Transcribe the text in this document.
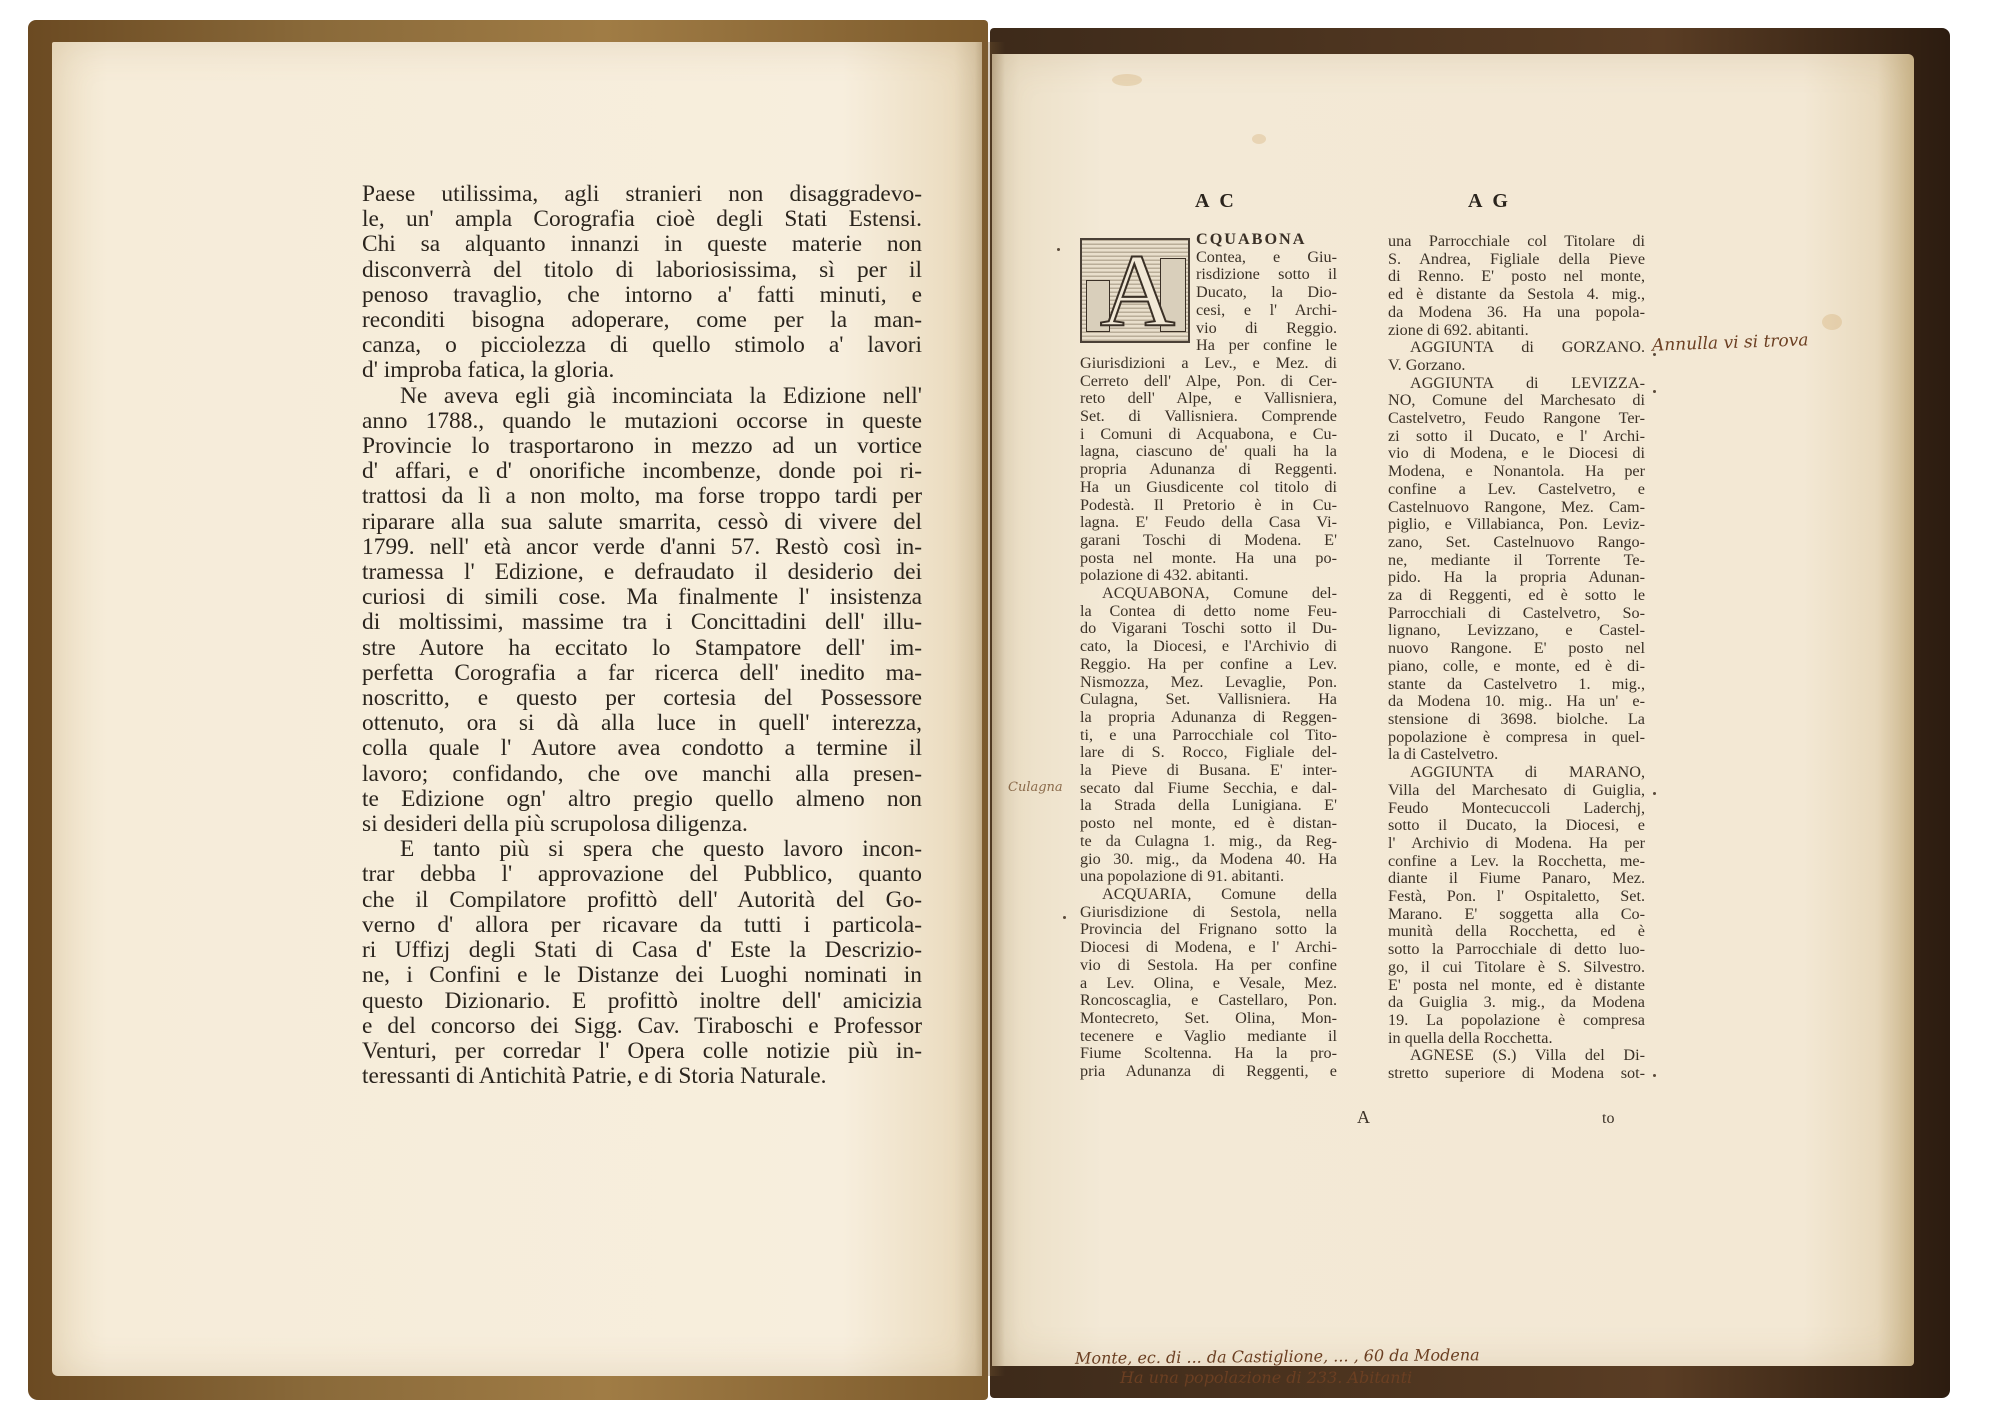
Paese utilissima, agli stranieri non disaggradevo-
le, un' ampla Corografia cioè degli Stati Estensi.
Chi sa alquanto innanzi in queste materie non
disconverrà del titolo di laboriosissima, sì per il
penoso travaglio, che intorno a' fatti minuti, e
reconditi bisogna adoperare, come per la man-
canza, o picciolezza di quello stimolo a' lavori
d' improba fatica, la gloria.
Ne aveva egli già incominciata la Edizione nell'
anno 1788., quando le mutazioni occorse in queste
Provincie lo trasportarono in mezzo ad un vortice
d' affari, e d' onorifiche incombenze, donde poi ri-
trattosi da lì a non molto, ma forse troppo tardi per
riparare alla sua salute smarrita, cessò di vivere del
1799. nell' età ancor verde d'anni 57. Restò così in-
tramessa l' Edizione, e defraudato il desiderio dei
curiosi di simili cose. Ma finalmente l' insistenza
di moltissimi, massime tra i Concittadini dell' illu-
stre Autore ha eccitato lo Stampatore dell' im-
perfetta Corografia a far ricerca dell' inedito ma-
noscritto, e questo per cortesia del Possessore
ottenuto, ora si dà alla luce in quell' interezza,
colla quale l' Autore avea condotto a termine il
lavoro; confidando, che ove manchi alla presen-
te Edizione ogn' altro pregio quello almeno non
si desideri della più scrupolosa diligenza.
E tanto più si spera che questo lavoro incon-
trar debba l' approvazione del Pubblico, quanto
che il Compilatore profittò dell' Autorità del Go-
verno d' allora per ricavare da tutti i particola-
ri Uffizj degli Stati di Casa d' Este la Descrizio-
ne, i Confini e le Distanze dei Luoghi nominati in
questo Dizionario. E profittò inoltre dell' amicizia
e del concorso dei Sigg. Cav. Tiraboschi e Professor
Venturi, per corredar l' Opera colle notizie più in-
teressanti di Antichità Patrie, e di Storia Naturale.
A C	A G
A CQUABONA
Contea, e Giu-
risdizione sotto il
Ducato, la Dio-
cesi, e l' Archi-
vio di Reggio.
Ha per confine le
Giurisdizioni a Lev., e Mez. di
Cerreto dell' Alpe, Pon. di Cer-
reto dell' Alpe, e Vallisniera,
Set. di Vallisniera. Comprende
i Comuni di Acquabona, e Cu-
lagna, ciascuno de' quali ha la
propria Adunanza di Reggenti.
Ha un Giusdicente col titolo di
Podestà. Il Pretorio è in Cu-
lagna. E' Feudo della Casa Vi-
garani Toschi di Modena. E'
posta nel monte. Ha una po-
polazione di 432. abitanti.
ACQUABONA, Comune del-
la Contea di detto nome Feu-
do Vigarani Toschi sotto il Du-
cato, la Diocesi, e l'Archivio di
Reggio. Ha per confine a Lev.
Nismozza, Mez. Levaglie, Pon.
Culagna, Set. Vallisniera. Ha
la propria Adunanza di Reggen-
ti, e una Parrocchiale col Tito-
lare di S. Rocco, Figliale del-
la Pieve di Busana. E' inter-
secato dal Fiume Secchia, e dal-
la Strada della Lunigiana. E'
posto nel monte, ed è distan-
te da Culagna 1. mig., da Reg-
gio 30. mig., da Modena 40. Ha
una popolazione di 91. abitanti.
ACQUARIA, Comune della
Giurisdizione di Sestola, nella
Provincia del Frignano sotto la
Diocesi di Modena, e l' Archi-
vio di Sestola. Ha per confine
a Lev. Olina, e Vesale, Mez.
Roncoscaglia, e Castellaro, Pon.
Montecreto, Set. Olina, Mon-
tecenere e Vaglio mediante il
Fiume Scoltenna. Ha la pro-
pria Adunanza di Reggenti, e
una Parrocchiale col Titolare di
S. Andrea, Figliale della Pieve
di Renno. E' posto nel monte,
ed è distante da Sestola 4. mig.,
da Modena 36. Ha una popola-
zione di 692. abitanti.
AGGIUNTA di GORZANO.
V. Gorzano.
AGGIUNTA di LEVIZZA-
NO, Comune del Marchesato di
Castelvetro, Feudo Rangone Ter-
zi sotto il Ducato, e l' Archi-
vio di Modena, e le Diocesi di
Modena, e Nonantola. Ha per
confine a Lev. Castelvetro, e
Castelnuovo Rangone, Mez. Cam-
piglio, e Villabianca, Pon. Leviz-
zano, Set. Castelnuovo Rango-
ne, mediante il Torrente Te-
pido. Ha la propria Adunan-
za di Reggenti, ed è sotto le
Parrocchiali di Castelvetro, So-
lignano, Levizzano, e Castel-
nuovo Rangone. E' posto nel
piano, colle, e monte, ed è di-
stante da Castelvetro 1. mig.,
da Modena 10. mig.. Ha un' e-
stensione di 3698. biolche. La
popolazione è compresa in quel-
la di Castelvetro.
AGGIUNTA di MARANO,
Villa del Marchesato di Guiglia,
Feudo Montecuccoli Laderchj,
sotto il Ducato, la Diocesi, e
l' Archivio di Modena. Ha per
confine a Lev. la Rocchetta, me-
diante il Fiume Panaro, Mez.
Festà, Pon. l' Ospitaletto, Set.
Marano. E' soggetta alla Co-
munità della Rocchetta, ed è
sotto la Parrocchiale di detto luo-
go, il cui Titolare è S. Silvestro.
E' posta nel monte, ed è distante
da Guiglia 3. mig., da Modena
19. La popolazione è compresa
in quella della Rocchetta.
AGNESE (S.) Villa del Di-
stretto superiore di Modena sot-
A	to
Annulla vi si trova
Culagna
Monte, ec. di ... da Castiglione, ... , 60 da Modena
Ha una popolazione di 233. Abitanti
